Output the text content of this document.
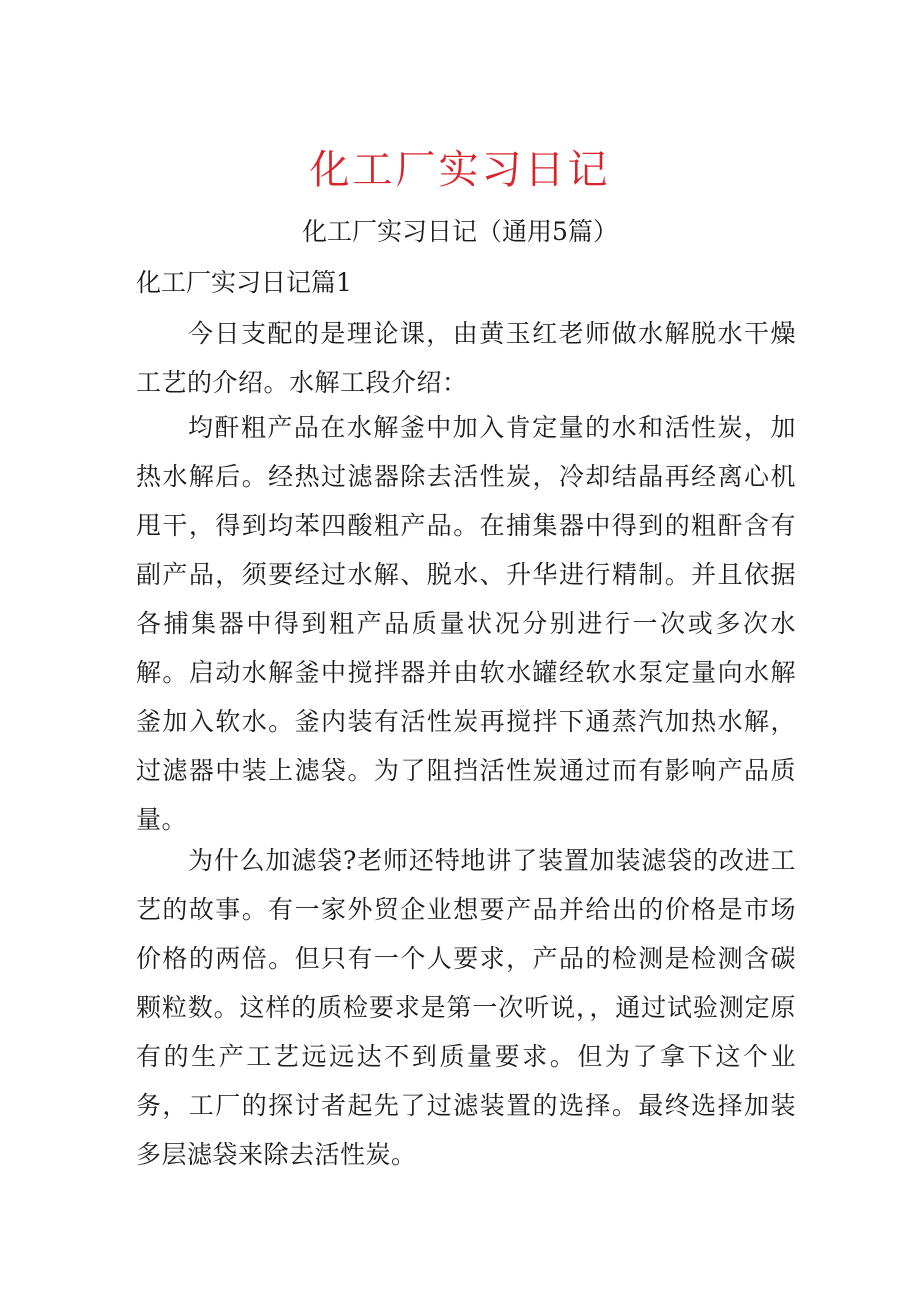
化工厂实习日记
化工厂实习日记（通用5篇）
化工厂实习日记篇1

今日支配的是理论课，由黄玉红老师做水解脱水干燥工艺的介绍。水解工段介绍：

均酐粗产品在水解釜中加入肯定量的水和活性炭，加热水解后。经热过滤器除去活性炭，冷却结晶再经离心机甩干，得到均苯四酸粗产品。在捕集器中得到的粗酐含有副产品，须要经过水解、脱水、升华进行精制。并且依据各捕集器中得到粗产品质量状况分别进行一次或多次水解。启动水解釜中搅拌器并由软水罐经软水泵定量向水解釜加入软水。釜内装有活性炭再搅拌下通蒸汽加热水解，过滤器中装上滤袋。为了阻挡活性炭通过而有影响产品质量。

为什么加滤袋?老师还特地讲了装置加装滤袋的改进工艺的故事。有一家外贸企业想要产品并给出的价格是市场价格的两倍。但只有一个人要求，产品的检测是检测含碳颗粒数。这样的质检要求是第一次听说，，通过试验测定原有的生产工艺远远达不到质量要求。但为了拿下这个业务，工厂的探讨者起先了过滤装置的选择。最终选择加装多层滤袋来除去活性炭。
